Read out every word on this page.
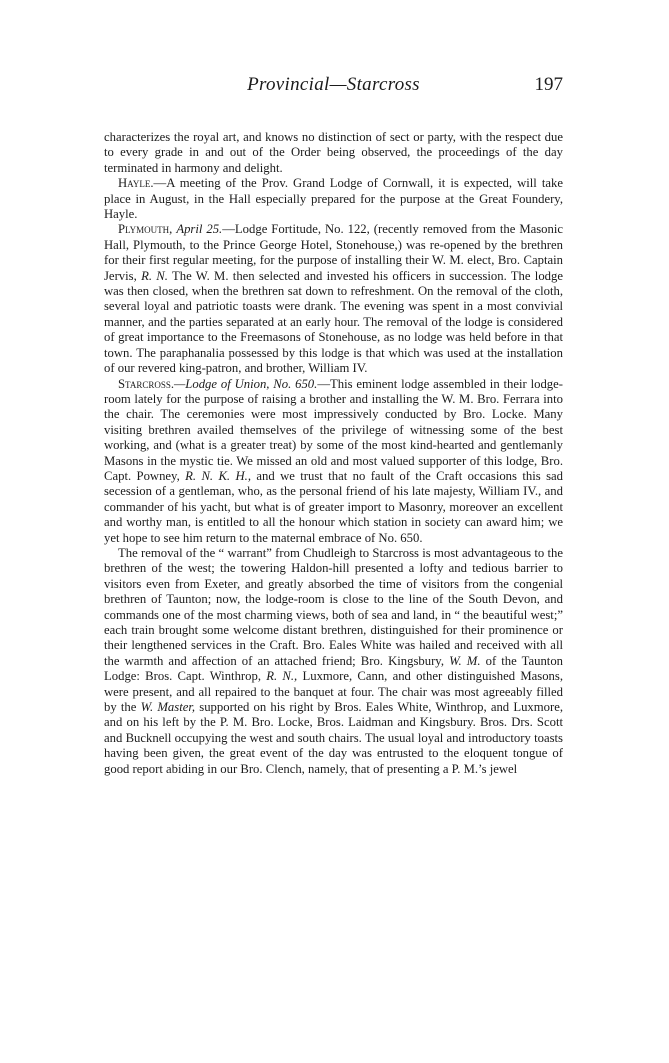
Provincial—Starcross	197

characterizes the royal art, and knows no distinction of sect or party, with the respect due to every grade in and out of the Order being observed, the proceedings of the day terminated in harmony and delight.

Hayle.—A meeting of the Prov. Grand Lodge of Cornwall, it is expected, will take place in August, in the Hall especially prepared for the purpose at the Great Foundery, Hayle.

Plymouth, April 25.—Lodge Fortitude, No. 122, (recently removed from the Masonic Hall, Plymouth, to the Prince George Hotel, Stonehouse,) was re-opened by the brethren for their first regular meeting, for the purpose of installing their W. M. elect, Bro. Captain Jervis, R. N. The W. M. then selected and invested his officers in succession. The lodge was then closed, when the brethren sat down to refreshment. On the removal of the cloth, several loyal and patriotic toasts were drank. The evening was spent in a most convivial manner, and the parties separated at an early hour. The removal of the lodge is considered of great importance to the Freemasons of Stonehouse, as no lodge was held before in that town. The paraphanalia possessed by this lodge is that which was used at the installation of our revered king-patron, and brother, William IV.

Starcross.—Lodge of Union, No. 650.—This eminent lodge assembled in their lodge-room lately for the purpose of raising a brother and installing the W. M. Bro. Ferrara into the chair. The ceremonies were most impressively conducted by Bro. Locke. Many visiting brethren availed themselves of the privilege of witnessing some of the best working, and (what is a greater treat) by some of the most kind-hearted and gentlemanly Masons in the mystic tie. We missed an old and most valued supporter of this lodge, Bro. Capt. Powney, R. N. K. H., and we trust that no fault of the Craft occasions this sad secession of a gentleman, who, as the personal friend of his late majesty, William IV., and commander of his yacht, but what is of greater import to Masonry, moreover an excellent and worthy man, is entitled to all the honour which station in society can award him; we yet hope to see him return to the maternal embrace of No. 650.

The removal of the “ warrant” from Chudleigh to Starcross is most advantageous to the brethren of the west; the towering Haldon-hill presented a lofty and tedious barrier to visitors even from Exeter, and greatly absorbed the time of visitors from the congenial brethren of Taunton; now, the lodge-room is close to the line of the South Devon, and commands one of the most charming views, both of sea and land, in “ the beautiful west;” each train brought some welcome distant brethren, distinguished for their prominence or their lengthened services in the Craft. Bro. Eales White was hailed and received with all the warmth and affection of an attached friend; Bro. Kingsbury, W. M. of the Taunton Lodge: Bros. Capt. Winthrop, R. N., Luxmore, Cann, and other distinguished Masons, were present, and all repaired to the banquet at four. The chair was most agreeably filled by the W. Master, supported on his right by Bros. Eales White, Winthrop, and Luxmore, and on his left by the P. M. Bro. Locke, Bros. Laidman and Kingsbury. Bros. Drs. Scott and Bucknell occupying the west and south chairs. The usual loyal and introductory toasts having been given, the great event of the day was entrusted to the eloquent tongue of good report abiding in our Bro. Clench, namely, that of presenting a P. M.’s jewel
